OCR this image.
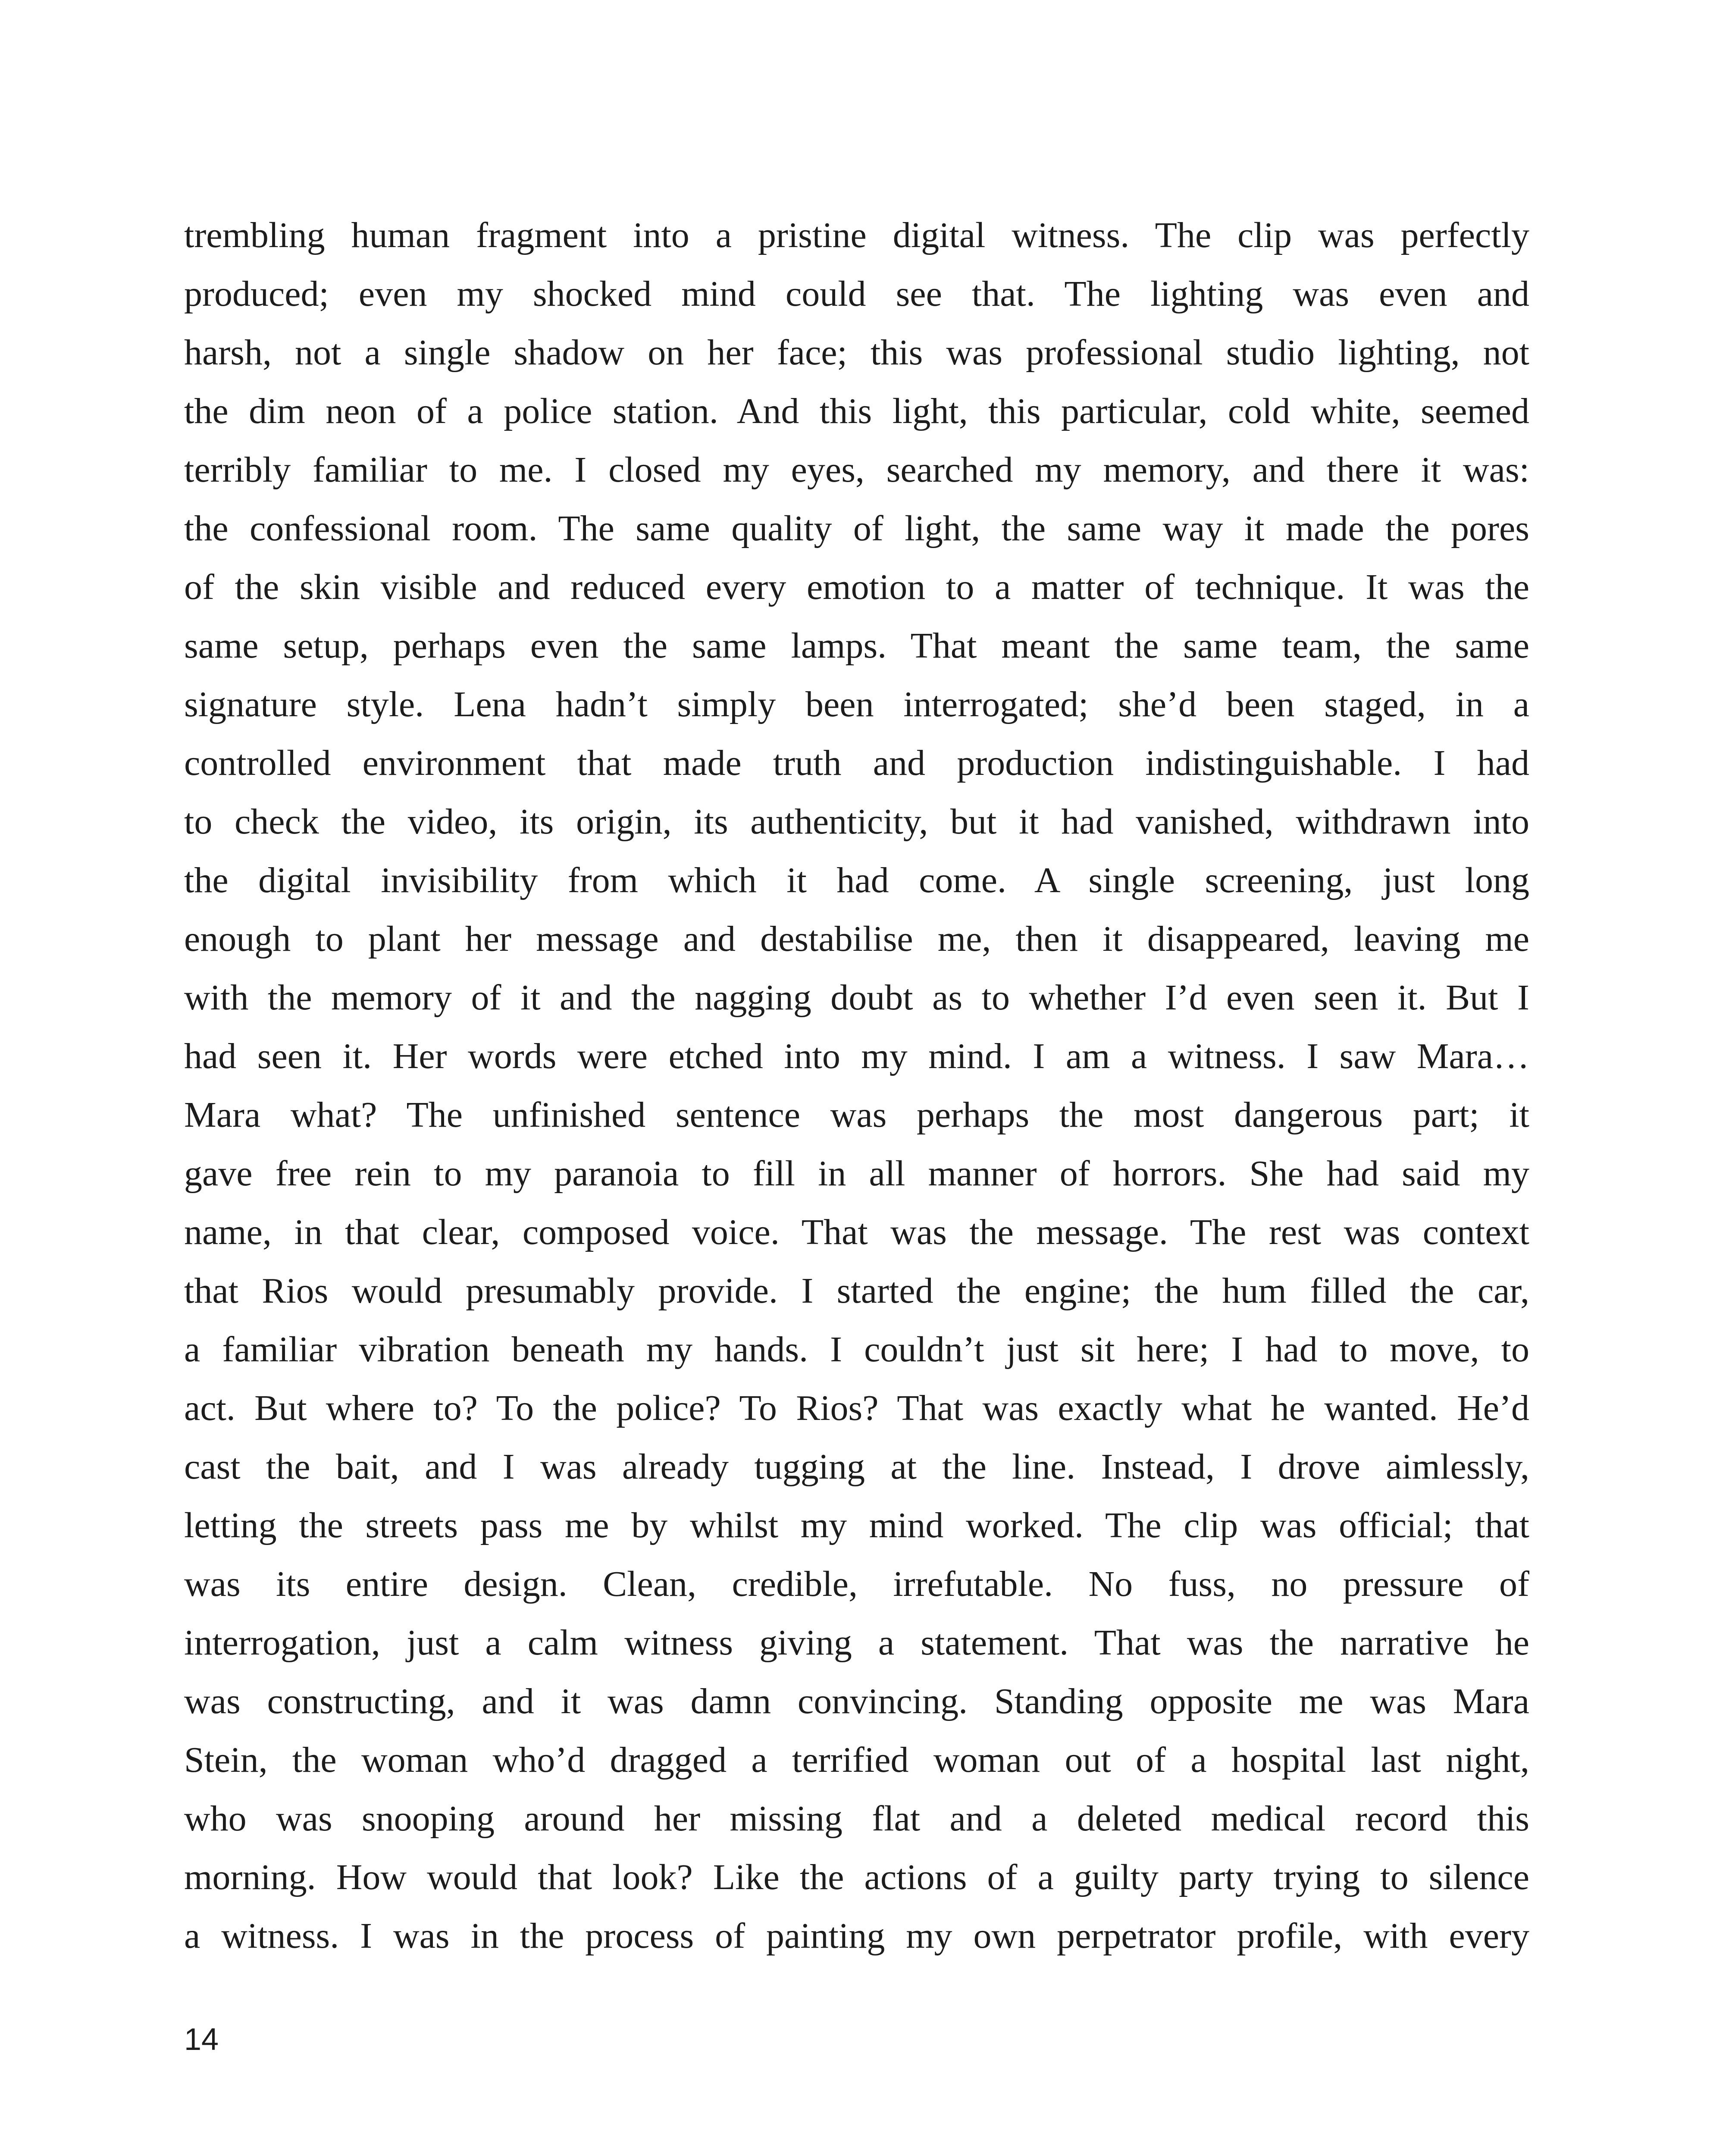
trembling human fragment into a pristine digital witness. The clip was perfectly
produced; even my shocked mind could see that. The lighting was even and
harsh, not a single shadow on her face; this was professional studio lighting, not
the dim neon of a police station. And this light, this particular, cold white, seemed
terribly familiar to me. I closed my eyes, searched my memory, and there it was:
the confessional room. The same quality of light, the same way it made the pores
of the skin visible and reduced every emotion to a matter of technique. It was the
same setup, perhaps even the same lamps. That meant the same team, the same
signature style. Lena hadn’t simply been interrogated; she’d been staged, in a
controlled environment that made truth and production indistinguishable. I had
to check the video, its origin, its authenticity, but it had vanished, withdrawn into
the digital invisibility from which it had come. A single screening, just long
enough to plant her message and destabilise me, then it disappeared, leaving me
with the memory of it and the nagging doubt as to whether I’d even seen it. But I
had seen it. Her words were etched into my mind. I am a witness. I saw Mara…
Mara what? The unfinished sentence was perhaps the most dangerous part; it
gave free rein to my paranoia to fill in all manner of horrors. She had said my
name, in that clear, composed voice. That was the message. The rest was context
that Rios would presumably provide. I started the engine; the hum filled the car,
a familiar vibration beneath my hands. I couldn’t just sit here; I had to move, to
act. But where to? To the police? To Rios? That was exactly what he wanted. He’d
cast the bait, and I was already tugging at the line. Instead, I drove aimlessly,
letting the streets pass me by whilst my mind worked. The clip was official; that
was its entire design. Clean, credible, irrefutable. No fuss, no pressure of
interrogation, just a calm witness giving a statement. That was the narrative he
was constructing, and it was damn convincing. Standing opposite me was Mara
Stein, the woman who’d dragged a terrified woman out of a hospital last night,
who was snooping around her missing flat and a deleted medical record this
morning. How would that look? Like the actions of a guilty party trying to silence
a witness. I was in the process of painting my own perpetrator profile, with every

14
